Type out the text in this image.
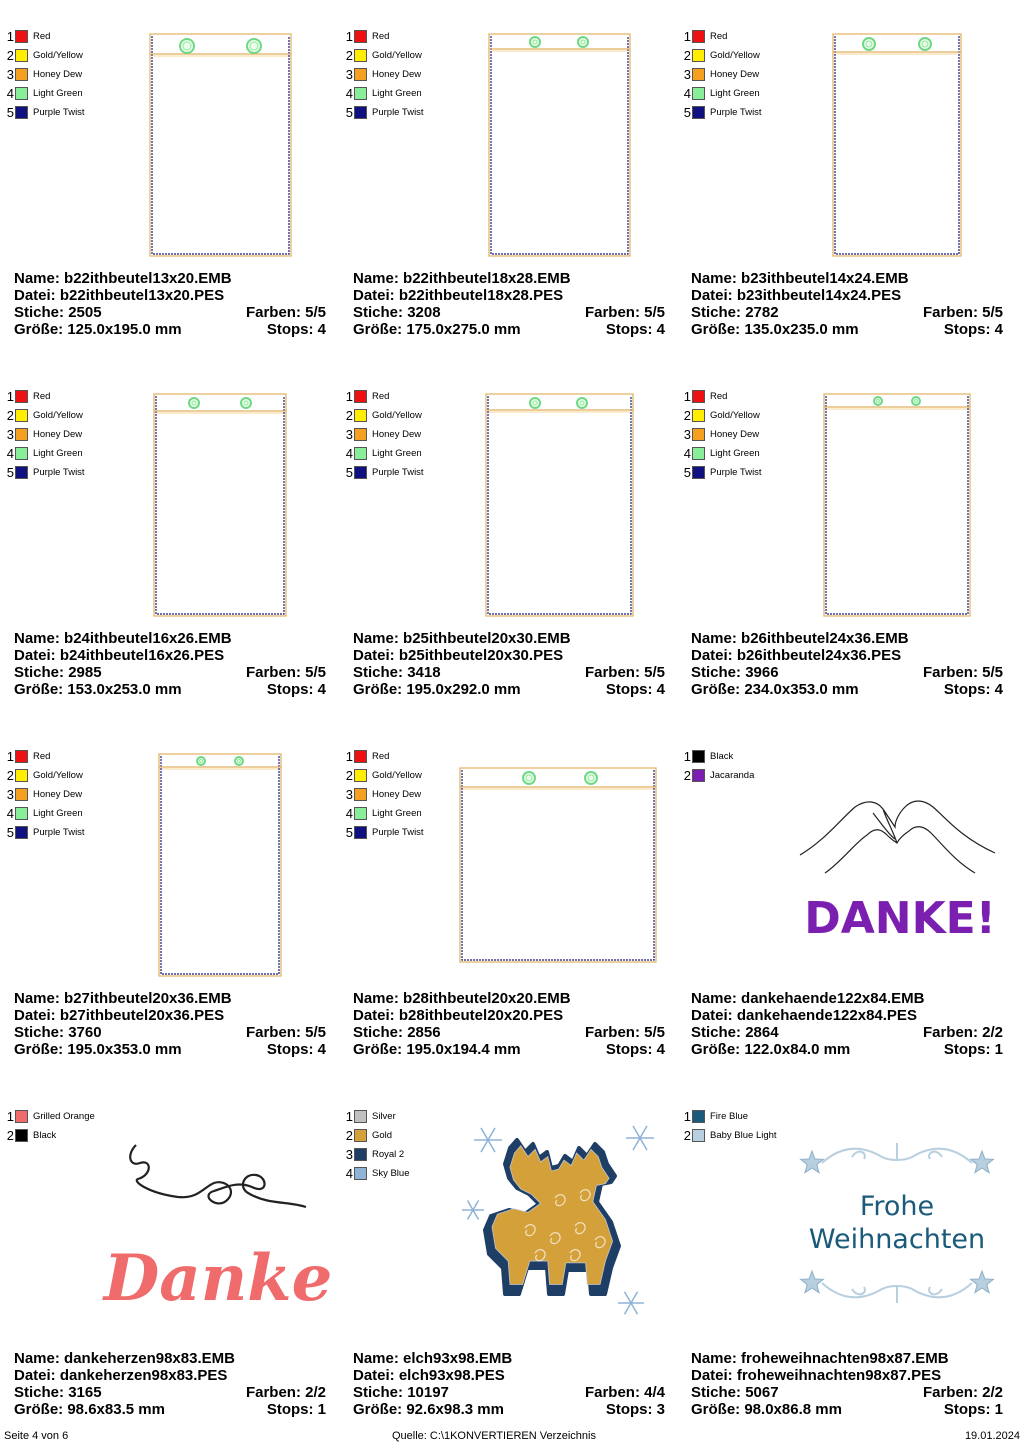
1 Red
2 Gold/Yellow
3 Honey Dew
4 Light Green
5 Purple Twist
Name: b22ithbeutel13x20.EMB
Datei: b22ithbeutel13x20.PES
Stiche: 2505	Farben: 5/5
Größe: 125.0x195.0 mm	Stops: 4
1 Red
2 Gold/Yellow
3 Honey Dew
4 Light Green
5 Purple Twist
Name: b22ithbeutel18x28.EMB
Datei: b22ithbeutel18x28.PES
Stiche: 3208	Farben: 5/5
Größe: 175.0x275.0 mm	Stops: 4
1 Red
2 Gold/Yellow
3 Honey Dew
4 Light Green
5 Purple Twist
Name: b23ithbeutel14x24.EMB
Datei: b23ithbeutel14x24.PES
Stiche: 2782	Farben: 5/5
Größe: 135.0x235.0 mm	Stops: 4
1 Red
2 Gold/Yellow
3 Honey Dew
4 Light Green
5 Purple Twist
Name: b24ithbeutel16x26.EMB
Datei: b24ithbeutel16x26.PES
Stiche: 2985	Farben: 5/5
Größe: 153.0x253.0 mm	Stops: 4
1 Red
2 Gold/Yellow
3 Honey Dew
4 Light Green
5 Purple Twist
Name: b25ithbeutel20x30.EMB
Datei: b25ithbeutel20x30.PES
Stiche: 3418	Farben: 5/5
Größe: 195.0x292.0 mm	Stops: 4
1 Red
2 Gold/Yellow
3 Honey Dew
4 Light Green
5 Purple Twist
Name: b26ithbeutel24x36.EMB
Datei: b26ithbeutel24x36.PES
Stiche: 3966	Farben: 5/5
Größe: 234.0x353.0 mm	Stops: 4
1 Red
2 Gold/Yellow
3 Honey Dew
4 Light Green
5 Purple Twist
Name: b27ithbeutel20x36.EMB
Datei: b27ithbeutel20x36.PES
Stiche: 3760	Farben: 5/5
Größe: 195.0x353.0 mm	Stops: 4
1 Red
2 Gold/Yellow
3 Honey Dew
4 Light Green
5 Purple Twist
Name: b28ithbeutel20x20.EMB
Datei: b28ithbeutel20x20.PES
Stiche: 2856	Farben: 5/5
Größe: 195.0x194.4 mm	Stops: 4
1 Black
2 Jacaranda
Name: dankehaende122x84.EMB
Datei: dankehaende122x84.PES
Stiche: 2864	Farben: 2/2
Größe: 122.0x84.0 mm	Stops: 1
DANKE!
1 Grilled Orange
2 Black
Name: dankeherzen98x83.EMB
Datei: dankeherzen98x83.PES
Stiche: 3165	Farben: 2/2
Größe: 98.6x83.5 mm	Stops: 1
Danke
1 Silver
2 Gold
3 Royal 2
4 Sky Blue
Name: elch93x98.EMB
Datei: elch93x98.PES
Stiche: 10197	Farben: 4/4
Größe: 92.6x98.3 mm	Stops: 3
1 Fire Blue
2 Baby Blue Light
Name: froheweihnachten98x87.EMB
Datei: froheweihnachten98x87.PES
Stiche: 5067	Farben: 2/2
Größe: 98.0x86.8 mm	Stops: 1
Frohe
Weihnachten
Seite 4 von 6	Quelle: C:\1KONVERTIEREN Verzeichnis	19.01.2024
